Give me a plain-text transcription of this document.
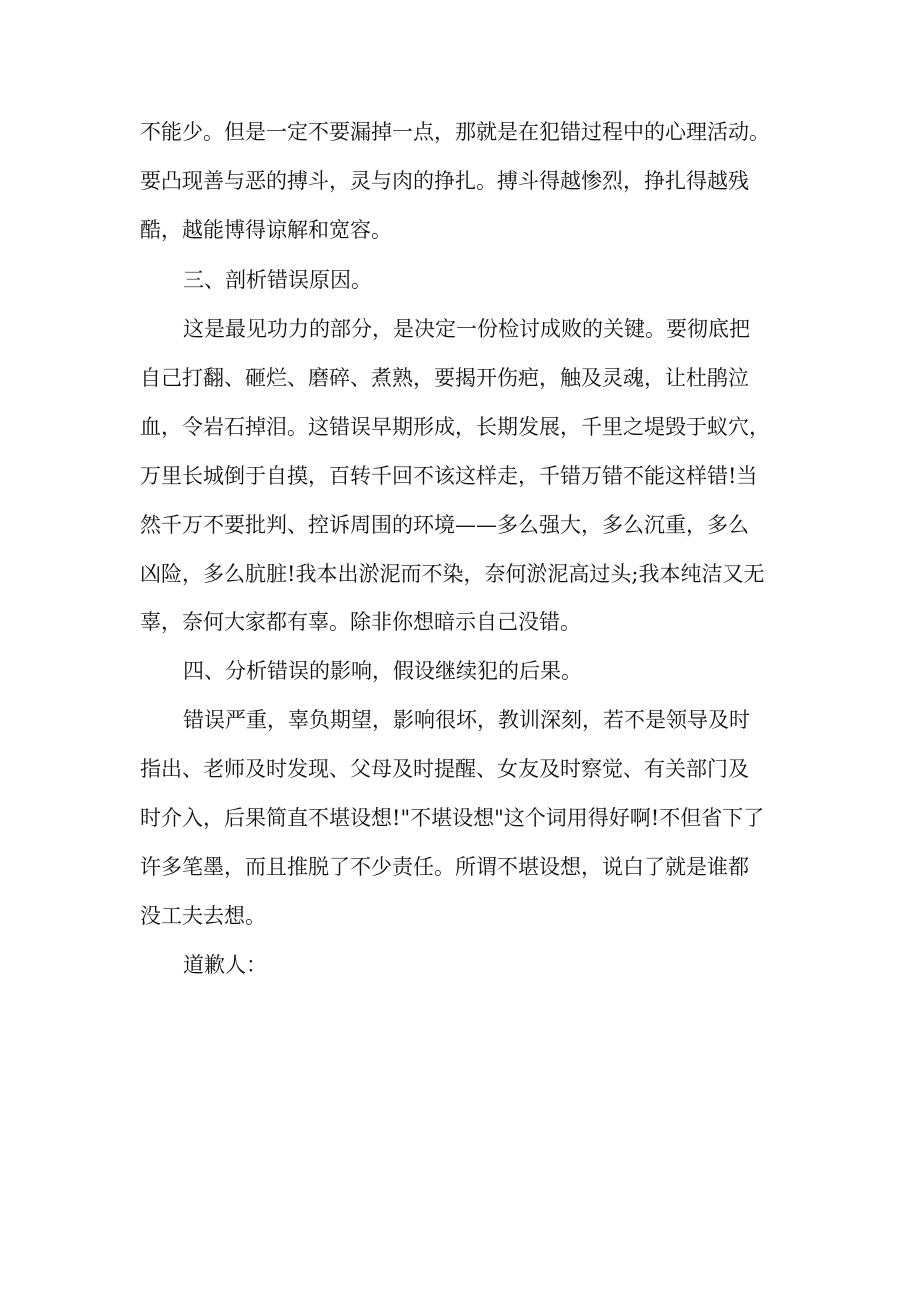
不能少。但是一定不要漏掉一点，那就是在犯错过程中的心理活动。

要凸现善与恶的搏斗，灵与肉的挣扎。搏斗得越惨烈，挣扎得越残

酷，越能博得谅解和宽容。

三、剖析错误原因。

这是最见功力的部分，是决定一份检讨成败的关键。要彻底把

自己打翻、砸烂、磨碎、煮熟，要揭开伤疤，触及灵魂，让杜鹃泣

血，令岩石掉泪。这错误早期形成，长期发展，千里之堤毁于蚁穴，

万里长城倒于自摸，百转千回不该这样走，千错万错不能这样错!当

然千万不要批判、控诉周围的环境——多么强大，多么沉重，多么

凶险，多么肮脏!我本出淤泥而不染，奈何淤泥高过头;我本纯洁又无

辜，奈何大家都有辜。除非你想暗示自己没错。

四、分析错误的影响，假设继续犯的后果。

错误严重，辜负期望，影响很坏，教训深刻，若不是领导及时

指出、老师及时发现、父母及时提醒、女友及时察觉、有关部门及

时介入，后果简直不堪设想!"不堪设想"这个词用得好啊!不但省下了

许多笔墨，而且推脱了不少责任。所谓不堪设想，说白了就是谁都

没工夫去想。

道歉人：
